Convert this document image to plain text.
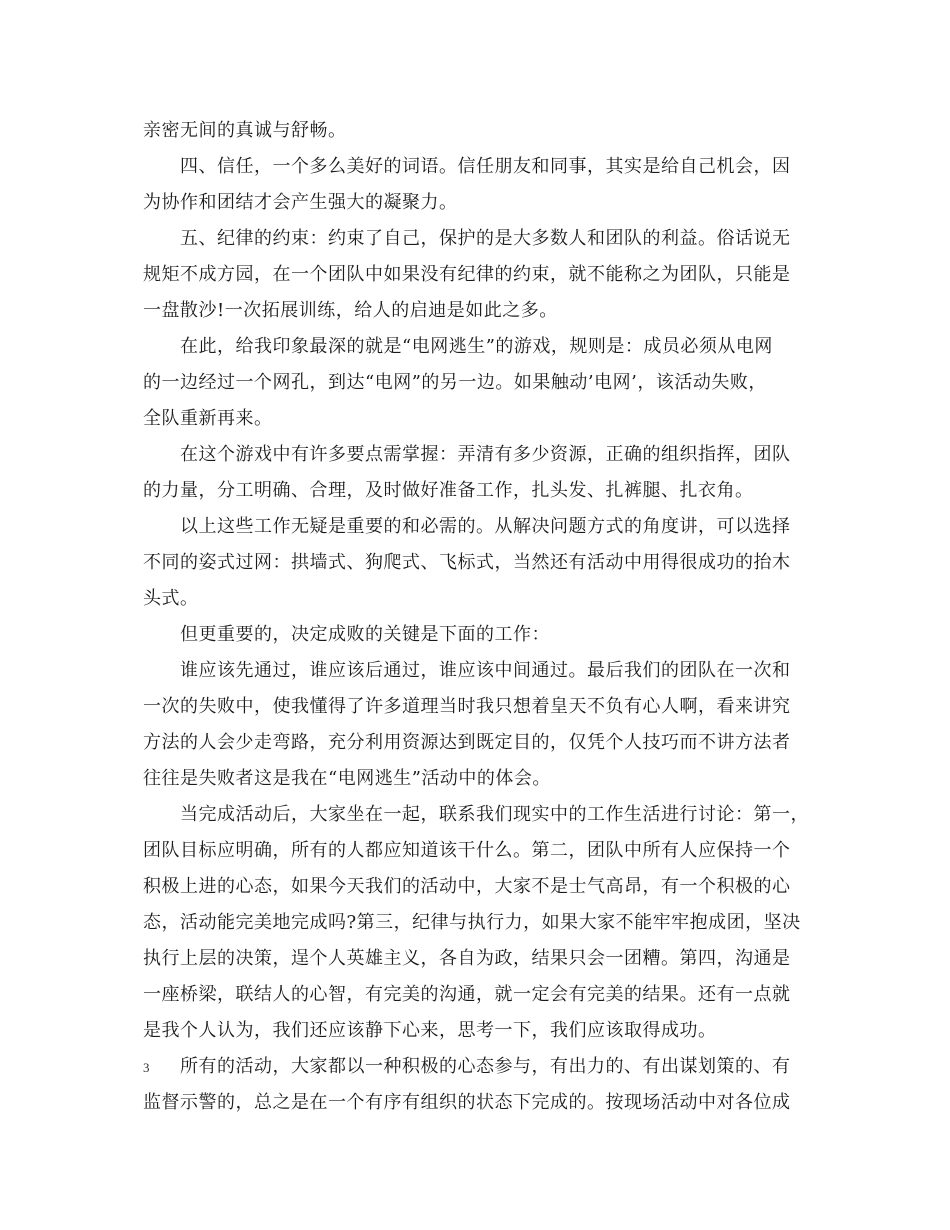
亲密无间的真诚与舒畅。
四、信任，一个多么美好的词语。信任朋友和同事，其实是给自己机会，因
为协作和团结才会产生强大的凝聚力。
五、纪律的约束：约束了自己，保护的是大多数人和团队的利益。俗话说无
规矩不成方园，在一个团队中如果没有纪律的约束，就不能称之为团队，只能是
一盘散沙!一次拓展训练，给人的启迪是如此之多。
在此，给我印象最深的就是“电网逃生”的游戏，规则是：成员必须从电网
的一边经过一个网孔，到达“电网”的另一边。如果触动’电网’，该活动失败，
全队重新再来。
在这个游戏中有许多要点需掌握：弄清有多少资源，正确的组织指挥，团队
的力量，分工明确、合理，及时做好准备工作，扎头发、扎裤腿、扎衣角。
以上这些工作无疑是重要的和必需的。从解决问题方式的角度讲，可以选择
不同的姿式过网：拱墙式、狗爬式、飞标式，当然还有活动中用得很成功的抬木
头式。
但更重要的，决定成败的关键是下面的工作：
谁应该先通过，谁应该后通过，谁应该中间通过。最后我们的团队在一次和
一次的失败中，使我懂得了许多道理当时我只想着皇天不负有心人啊，看来讲究
方法的人会少走弯路，充分利用资源达到既定目的，仅凭个人技巧而不讲方法者
往往是失败者这是我在“电网逃生”活动中的体会。
当完成活动后，大家坐在一起，联系我们现实中的工作生活进行讨论：第一，
团队目标应明确，所有的人都应知道该干什么。第二，团队中所有人应保持一个
积极上进的心态，如果今天我们的活动中，大家不是士气高昂，有一个积极的心
态，活动能完美地完成吗?第三，纪律与执行力，如果大家不能牢牢抱成团，坚决
执行上层的决策，逞个人英雄主义，各自为政，结果只会一团糟。第四，沟通是
一座桥梁，联结人的心智，有完美的沟通，就一定会有完美的结果。还有一点就
是我个人认为，我们还应该静下心来，思考一下，我们应该取得成功。
所有的活动，大家都以一种积极的心态参与，有出力的、有出谋划策的、有
监督示警的，总之是在一个有序有组织的状态下完成的。按现场活动中对各位成

3
